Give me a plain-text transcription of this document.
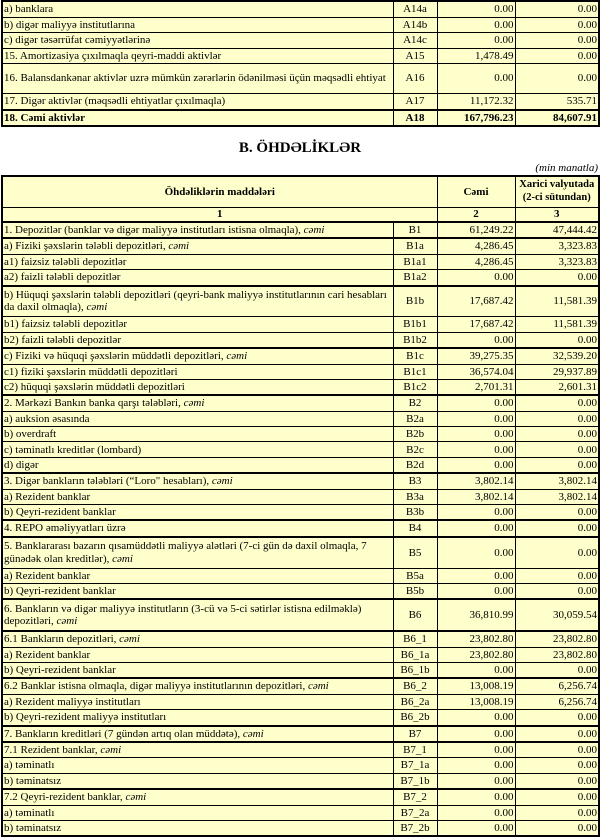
a) banklara	A14a	0.00	0.00
b) digər maliyyə institutlarına	A14b	0.00	0.00
c) digər təsərrüfat cəmiyyətlərinə	A14c	0.00	0.00
15. Amortizasiya çıxılmaqla qeyri-maddi aktivlər	A15	1,478.49	0.00
16. Balansdankənar aktivlər uzrə mümkün zərərlərin ödənilməsi üçün məqsədli ehtiyat	A16	0.00	0.00
17. Digər aktivlər (məqsədli ehtiyatlar çıxılmaqla)	A17	11,172.32	535.71
18. Cəmi aktivlər	A18	167,796.23	84,607.91
B. ÖHDƏLİKLƏR
(min manatla)
Öhdəliklərin maddələri		Cəmi	Xarici valyutada
(2-ci sütundan)
1		2	3
1. Depozitlər (banklar və digər maliyyə institutları istisna olmaqla), cəmi	B1	61,249.22	47,444.42
a) Fiziki şəxslərin tələbli depozitləri, cəmi	B1a	4,286.45	3,323.83
a1) faizsiz tələbli depozitlər	B1a1	4,286.45	3,323.83
a2) faizli tələbli depozitlər	B1a2	0.00	0.00
b) Hüquqi şəxslərin tələbli depozitləri (qeyri-bank maliyyə institutlarının cari hesabları da daxil olmaqla), cəmi	B1b	17,687.42	11,581.39
b1) faizsiz tələbli depozitlər	B1b1	17,687.42	11,581.39
b2) faizli tələbli depozitlər	B1b2	0.00	0.00
c) Fiziki və hüquqi şəxslərin müddətli depozitləri, cəmi	B1c	39,275.35	32,539.20
c1) fiziki şəxslərin müddətli depozitləri	B1c1	36,574.04	29,937.89
c2) hüquqi şəxslərin müddətli depozitləri	B1c2	2,701.31	2,601.31
2. Mərkəzi Bankın banka qarşı tələbləri, cəmi	B2	0.00	0.00
a) auksion əsasında	B2a	0.00	0.00
b) overdraft	B2b	0.00	0.00
c) təminatlı kreditlər (lombard)	B2c	0.00	0.00
d) digər	B2d	0.00	0.00
3. Digər bankların tələbləri (“Loro" hesabları), cəmi	B3	3,802.14	3,802.14
a) Rezident banklar	B3a	3,802.14	3,802.14
b) Qeyri-rezident banklar	B3b	0.00	0.00
4. REPO əməliyyatları üzrə	B4	0.00	0.00
5. Banklararası bazarın qısamüddətli maliyyə alətləri (7-ci gün də daxil olmaqla, 7 günədək olan kreditlər), cəmi	B5	0.00	0.00
a) Rezident banklar	B5a	0.00	0.00
b) Qeyri-rezident banklar	B5b	0.00	0.00
6. Bankların və digər maliyyə institutların (3-cü və 5-ci sətirlər istisna edilməklə) depozitləri, cəmi	B6	36,810.99	30,059.54
6.1 Bankların depozitləri, cəmi	B6_1	23,802.80	23,802.80
a) Rezident banklar	B6_1a	23,802.80	23,802.80
b) Qeyri-rezident banklar	B6_1b	0.00	0.00
6.2 Banklar istisna olmaqla, digər maliyyə institutlarının depozitləri, cəmi	B6_2	13,008.19	6,256.74
a) Rezident maliyyə institutları	B6_2a	13,008.19	6,256.74
b) Qeyri-rezident maliyyə institutları	B6_2b	0.00	0.00
7. Bankların kreditləri (7 gündən artıq olan müddətə), cəmi	B7	0.00	0.00
7.1 Rezident banklar, cəmi	B7_1	0.00	0.00
a) təminatlı	B7_1a	0.00	0.00
b) təminatsız	B7_1b	0.00	0.00
7.2 Qeyri-rezident banklar, cəmi	B7_2	0.00	0.00
a) təminatlı	B7_2a	0.00	0.00
b) təminatsız	B7_2b	0.00	0.00
